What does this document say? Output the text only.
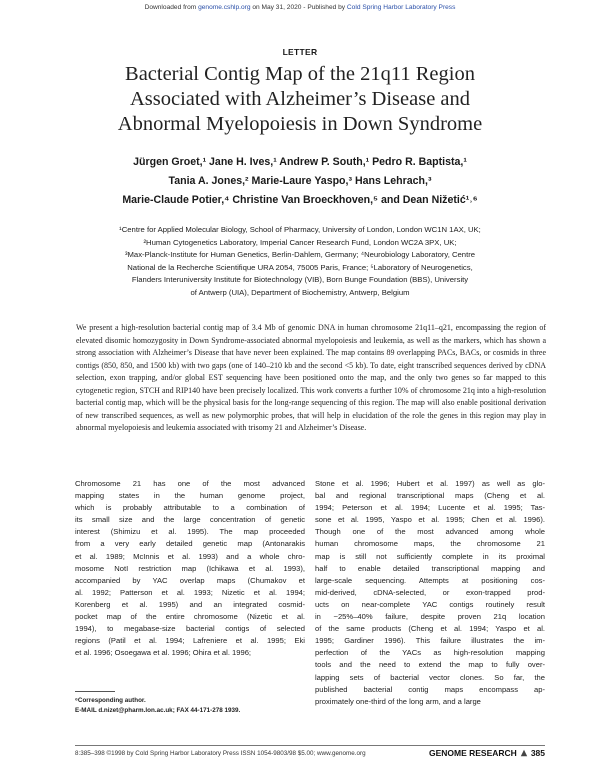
Downloaded from genome.cshlp.org on May 31, 2020 - Published by Cold Spring Harbor Laboratory Press
LETTER
Bacterial Contig Map of the 21q11 Region
Associated with Alzheimer’s Disease and
Abnormal Myelopoiesis in Down Syndrome
Jürgen Groet,¹ Jane H. Ives,¹ Andrew P. South,¹ Pedro R. Baptista,¹
Tania A. Jones,² Marie-Laure Yaspo,³ Hans Lehrach,³
Marie-Claude Potier,⁴ Christine Van Broeckhoven,⁵ and Dean Nižetić¹˒⁶
¹Centre for Applied Molecular Biology, School of Pharmacy, University of London, London WC1N 1AX, UK;
²Human Cytogenetics Laboratory, Imperial Cancer Research Fund, London WC2A 3PX, UK;
³Max-Planck-Institute for Human Genetics, Berlin-Dahlem, Germany; ⁴Neurobiology Laboratory, Centre
National de la Recherche Scientifique URA 2054, 75005 Paris, France; ⁵Laboratory of Neurogenetics,
Flanders Interuniversity Institute for Biotechnology (VIB), Born Bunge Foundation (BBS), University
of Antwerp (UIA), Department of Biochemistry, Antwerp, Belgium

We present a high-resolution bacterial contig map of 3.4 Mb of genomic DNA in human chromosome 21q11–q21, encompassing the region of elevated disomic homozygosity in Down Syndrome-associated abnormal myelopoiesis and leukemia, as well as the markers, which has shown a strong association with Alzheimer’s Disease that have never been explained. The map contains 89 overlapping PACs, BACs, or cosmids in three contigs (850, 850, and 1500 kb) with two gaps (one of 140–210 kb and the second <5 kb). To date, eight transcribed sequences derived by cDNA selection, exon trapping, and/or global EST sequencing have been positioned onto the map, and the only two genes so far mapped to this cytogenetic region, STCH and RIP140 have been precisely localized. This work converts a further 10% of chromosome 21q into a high-resolution bacterial contig map, which will be the physical basis for the long-range sequencing of this region. The map will also enable positional derivation of new transcribed sequences, as well as new polymorphic probes, that will help in elucidation of the role the genes in this region may play in abnormal myelopoiesis and leukemia associated with trisomy 21 and Alzheimer’s Disease.

Chromosome 21 has one of the most advanced
mapping states in the human genome project,
which is probably attributable to a combination of
its small size and the large concentration of genetic
interest (Shimizu et al. 1995). The map proceeded
from a very early detailed genetic map (Antonarakis
et al. 1989; McInnis et al. 1993) and a whole chro-
mosome NotI restriction map (Ichikawa et al. 1993),
accompanied by YAC overlap maps (Chumakov et
al. 1992; Patterson et al. 1993; Nizetic et al. 1994;
Korenberg et al. 1995) and an integrated cosmid-
pocket map of the entire chromosome (Nizetic et al.
1994), to megabase-size bacterial contigs of selected
regions (Patil et al. 1994; Lafreniere et al. 1995; Eki
et al. 1996; Osoegawa et al. 1996; Ohira et al. 1996;
Stone et al. 1996; Hubert et al. 1997) as well as glo-
bal and regional transcriptional maps (Cheng et al.
1994; Peterson et al. 1994; Lucente et al. 1995; Tas-
sone et al. 1995, Yaspo et al. 1995; Chen et al. 1996).
Though one of the most advanced among whole
human chromosome maps, the chromosome 21
map is still not sufficiently complete in its proximal
half to enable detailed transcriptional mapping and
large-scale sequencing. Attempts at positioning cos-
mid-derived, cDNA-selected, or exon-trapped prod-
ucts on near-complete YAC contigs routinely result
in ~25%–40% failure, despite proven 21q location
of the same products (Cheng et al. 1994; Yaspo et al.
1995; Gardiner 1996). This failure illustrates the im-
perfection of the YACs as high-resolution mapping
tools and the need to extend the map to fully over-
lapping sets of bacterial vector clones. So far, the
published bacterial contig maps encompass ap-
proximately one-third of the long arm, and a large
⁶Corresponding author.
E-MAIL d.nizet@pharm.lon.ac.uk; FAX 44-171-278 1939.
8:385–398 ©1998 by Cold Spring Harbor Laboratory Press ISSN 1054-9803/98 $5.00; www.genome.org	GENOME RESEARCH 385
